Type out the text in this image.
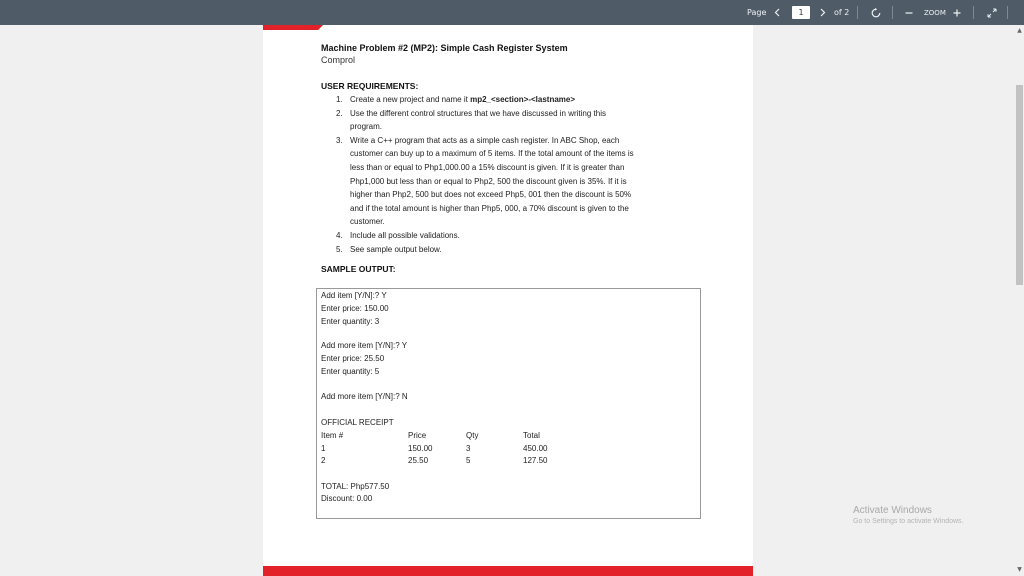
Page	1	of 2	ZOOM
Machine Problem #2 (MP2): Simple Cash Register System
Comprol
USER REQUIREMENTS:
1. Create a new project and name it mp2_<section>-<lastname>
2. Use the different control structures that we have discussed in writing this
program.
3. Write a C++ program that acts as a simple cash register. In ABC Shop, each
customer can buy up to a maximum of 5 items. If the total amount of the items is
less than or equal to Php1,000.00 a 15% discount is given. If it is greater than
Php1,000 but less than or equal to Php2, 500 the discount given is 35%. If it is
higher than Php2, 500 but does not exceed Php5, 001 then the discount is 50%
and if the total amount is higher than Php5, 000, a 70% discount is given to the
customer.
4. Include all possible validations.
5. See sample output below.
SAMPLE OUTPUT:
Add item [Y/N]:? Y
Enter price: 150.00
Enter quantity: 3
Add more item [Y/N]:? Y
Enter price: 25.50
Enter quantity: 5
Add more item [Y/N]:? N
OFFICIAL RECEIPT
Item #	Price	Qty	Total
1	150.00	3	450.00
2	25.50	5	127.50
TOTAL: Php577.50
Discount: 0.00
▲
▼
Activate Windows
Go to Settings to activate Windows.
